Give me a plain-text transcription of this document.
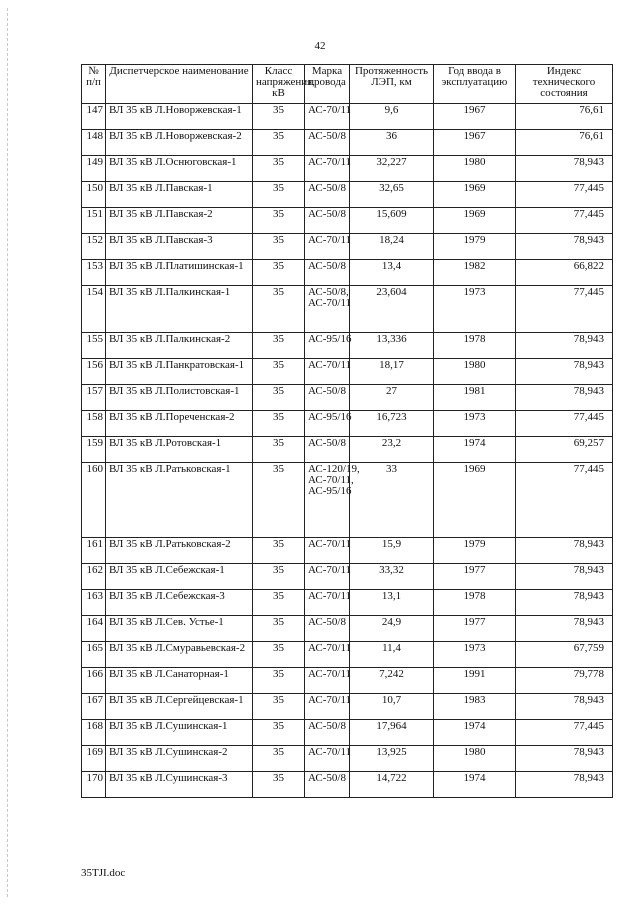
42
№ п/п	Диспетчерское наименование	Класс напряжения, кВ	Марка провода	Протяженность ЛЭП, км	Год ввода в эксплуатацию	Индекс технического состояния
147	ВЛ 35 кВ Л.Новоржевская-1	35	АС-70/11	9,6	1967	76,61
148	ВЛ 35 кВ Л.Новоржевская-2	35	АС-50/8	36	1967	76,61
149	ВЛ 35 кВ Л.Оснюговская-1	35	АС-70/11	32,227	1980	78,943
150	ВЛ 35 кВ Л.Павская-1	35	АС-50/8	32,65	1969	77,445
151	ВЛ 35 кВ Л.Павская-2	35	АС-50/8	15,609	1969	77,445
152	ВЛ 35 кВ Л.Павская-3	35	АС-70/11	18,24	1979	78,943
153	ВЛ 35 кВ Л.Платишинская-1	35	АС-50/8	13,4	1982	66,822
154	ВЛ 35 кВ Л.Палкинская-1	35	АС-50/8, АС-70/11	23,604	1973	77,445
155	ВЛ 35 кВ Л.Палкинская-2	35	АС-95/16	13,336	1978	78,943
156	ВЛ 35 кВ Л.Панкратовская-1	35	АС-70/11	18,17	1980	78,943
157	ВЛ 35 кВ Л.Полистовская-1	35	АС-50/8	27	1981	78,943
158	ВЛ 35 кВ Л.Пореченская-2	35	АС-95/16	16,723	1973	77,445
159	ВЛ 35 кВ Л.Ротовская-1	35	АС-50/8	23,2	1974	69,257
160	ВЛ 35 кВ Л.Ратьковская-1	35	АС-120/19, АС-70/11, АС-95/16	33	1969	77,445
161	ВЛ 35 кВ Л.Ратьковская-2	35	АС-70/11	15,9	1979	78,943
162	ВЛ 35 кВ Л.Себежская-1	35	АС-70/11	33,32	1977	78,943
163	ВЛ 35 кВ Л.Себежская-3	35	АС-70/11	13,1	1978	78,943
164	ВЛ 35 кВ Л.Сев. Устье-1	35	АС-50/8	24,9	1977	78,943
165	ВЛ 35 кВ Л.Смуравьевская-2	35	АС-70/11	11,4	1973	67,759
166	ВЛ 35 кВ Л.Санаторная-1	35	АС-70/11	7,242	1991	79,778
167	ВЛ 35 кВ Л.Сергейцевская-1	35	АС-70/11	10,7	1983	78,943
168	ВЛ 35 кВ Л.Сушинская-1	35	АС-50/8	17,964	1974	77,445
169	ВЛ 35 кВ Л.Сушинская-2	35	АС-70/11	13,925	1980	78,943
170	ВЛ 35 кВ Л.Сушинская-3	35	АС-50/8	14,722	1974	78,943
35TJI.doc
